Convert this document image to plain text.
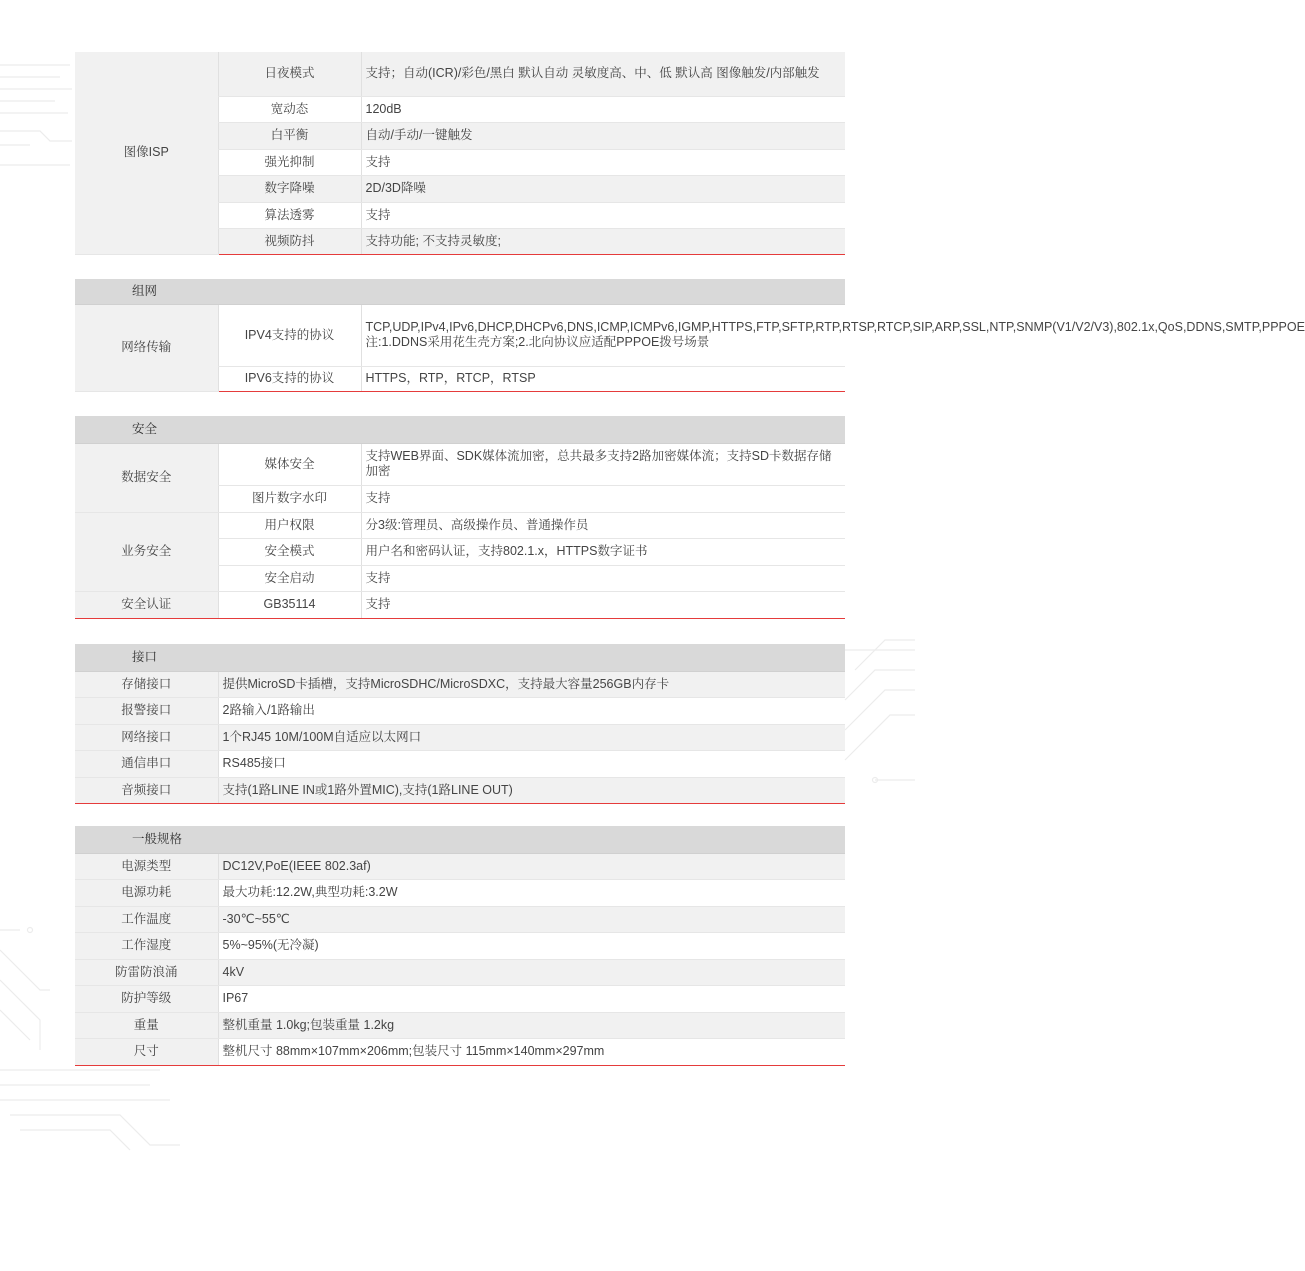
图像ISP	日夜模式	支持；自动(ICR)/彩色/黑白 默认自动 灵敏度高、中、低 默认高 图像触发/内部触发
	宽动态	120dB
	白平衡	自动/手动/一键触发
	强光抑制	支持
	数字降噪	2D/3D降噪
	算法透雾	支持
	视频防抖	支持功能; 不支持灵敏度;
组网		
网络传输	IPV4支持的协议	TCP,UDP,IPv4,IPv6,DHCP,DHCPv6,DNS,ICMP,ICMPv6,IGMP,HTTPS,FTP,SFTP,RTP,RTSP,RTCP,SIP,ARP,SSL,NTP,SNMP(V1/V2/V3),802.1x,QoS,DDNS,SMTP,PPPOE 注:1.DDNS采用花生壳方案;2.北向协议应适配PPPOE拨号场景
	IPV6支持的协议	HTTPS，RTP，RTCP，RTSP
安全		
数据安全	媒体安全	支持WEB界面、SDK媒体流加密，总共最多支持2路加密媒体流；支持SD卡数据存储加密
	图片数字水印	支持
业务安全	用户权限	分3级:管理员、高级操作员、普通操作员
	安全模式	用户名和密码认证，支持802.1.x，HTTPS数字证书
	安全启动	支持
安全认证	GB35114	支持
接口	
存储接口	提供MicroSD卡插槽，支持MicroSDHC/MicroSDXC，支持最大容量256GB内存卡
报警接口	2路输入/1路输出
网络接口	1个RJ45 10M/100M自适应以太网口
通信串口	RS485接口
音频接口	支持(1路LINE IN或1路外置MIC),支持(1路LINE OUT)
一般规格	
电源类型	DC12V,PoE(IEEE 802.3af)
电源功耗	最大功耗:12.2W,典型功耗:3.2W
工作温度	-30℃~55℃
工作湿度	5%~95%(无冷凝)
防雷防浪涌	4kV
防护等级	IP67
重量	整机重量 1.0kg;包装重量 1.2kg
尺寸	整机尺寸 88mm×107mm×206mm;包装尺寸 115mm×140mm×297mm
